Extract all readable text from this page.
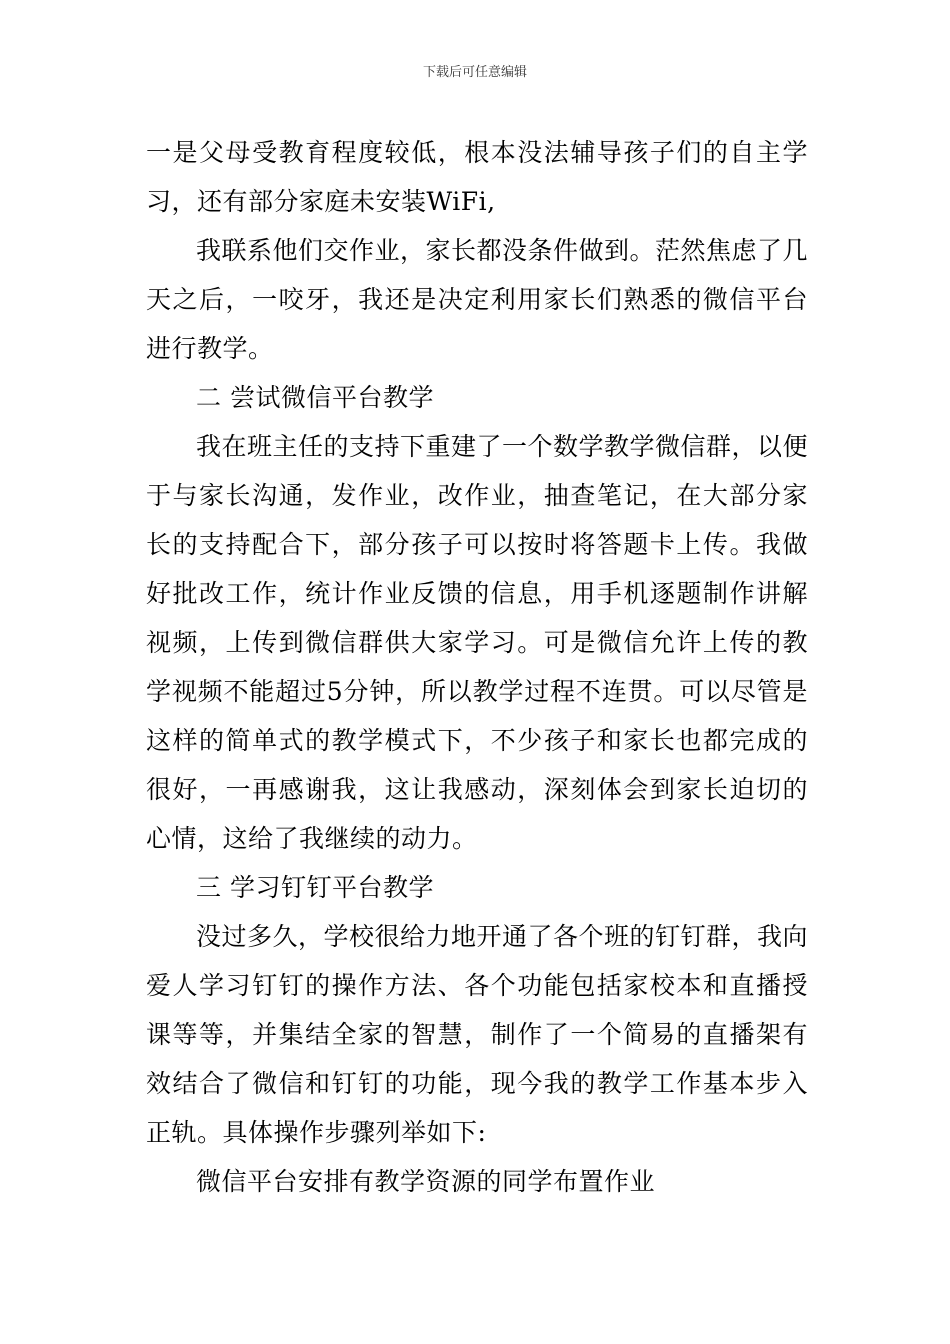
下载后可任意编辑

一是父母受教育程度较低，根本没法辅导孩子们的自主学习，还有部分家庭未安装WiFi,

我联系他们交作业，家长都没条件做到。茫然焦虑了几天之后，一咬牙，我还是决定利用家长们熟悉的微信平台进行教学。

二 尝试微信平台教学

我在班主任的支持下重建了一个数学教学微信群，以便于与家长沟通，发作业，改作业，抽查笔记，在大部分家长的支持配合下，部分孩子可以按时将答题卡上传。我做好批改工作，统计作业反馈的信息，用手机逐题制作讲解视频，上传到微信群供大家学习。可是微信允许上传的教学视频不能超过5分钟，所以教学过程不连贯。可以尽管是这样的简单式的教学模式下，不少孩子和家长也都完成的很好，一再感谢我，这让我感动，深刻体会到家长迫切的心情，这给了我继续的动力。

三 学习钉钉平台教学

没过多久，学校很给力地开通了各个班的钉钉群，我向爱人学习钉钉的操作方法、各个功能包括家校本和直播授课等等，并集结全家的智慧，制作了一个简易的直播架有效结合了微信和钉钉的功能，现今我的教学工作基本步入正轨。具体操作步骤列举如下:

微信平台安排有教学资源的同学布置作业
